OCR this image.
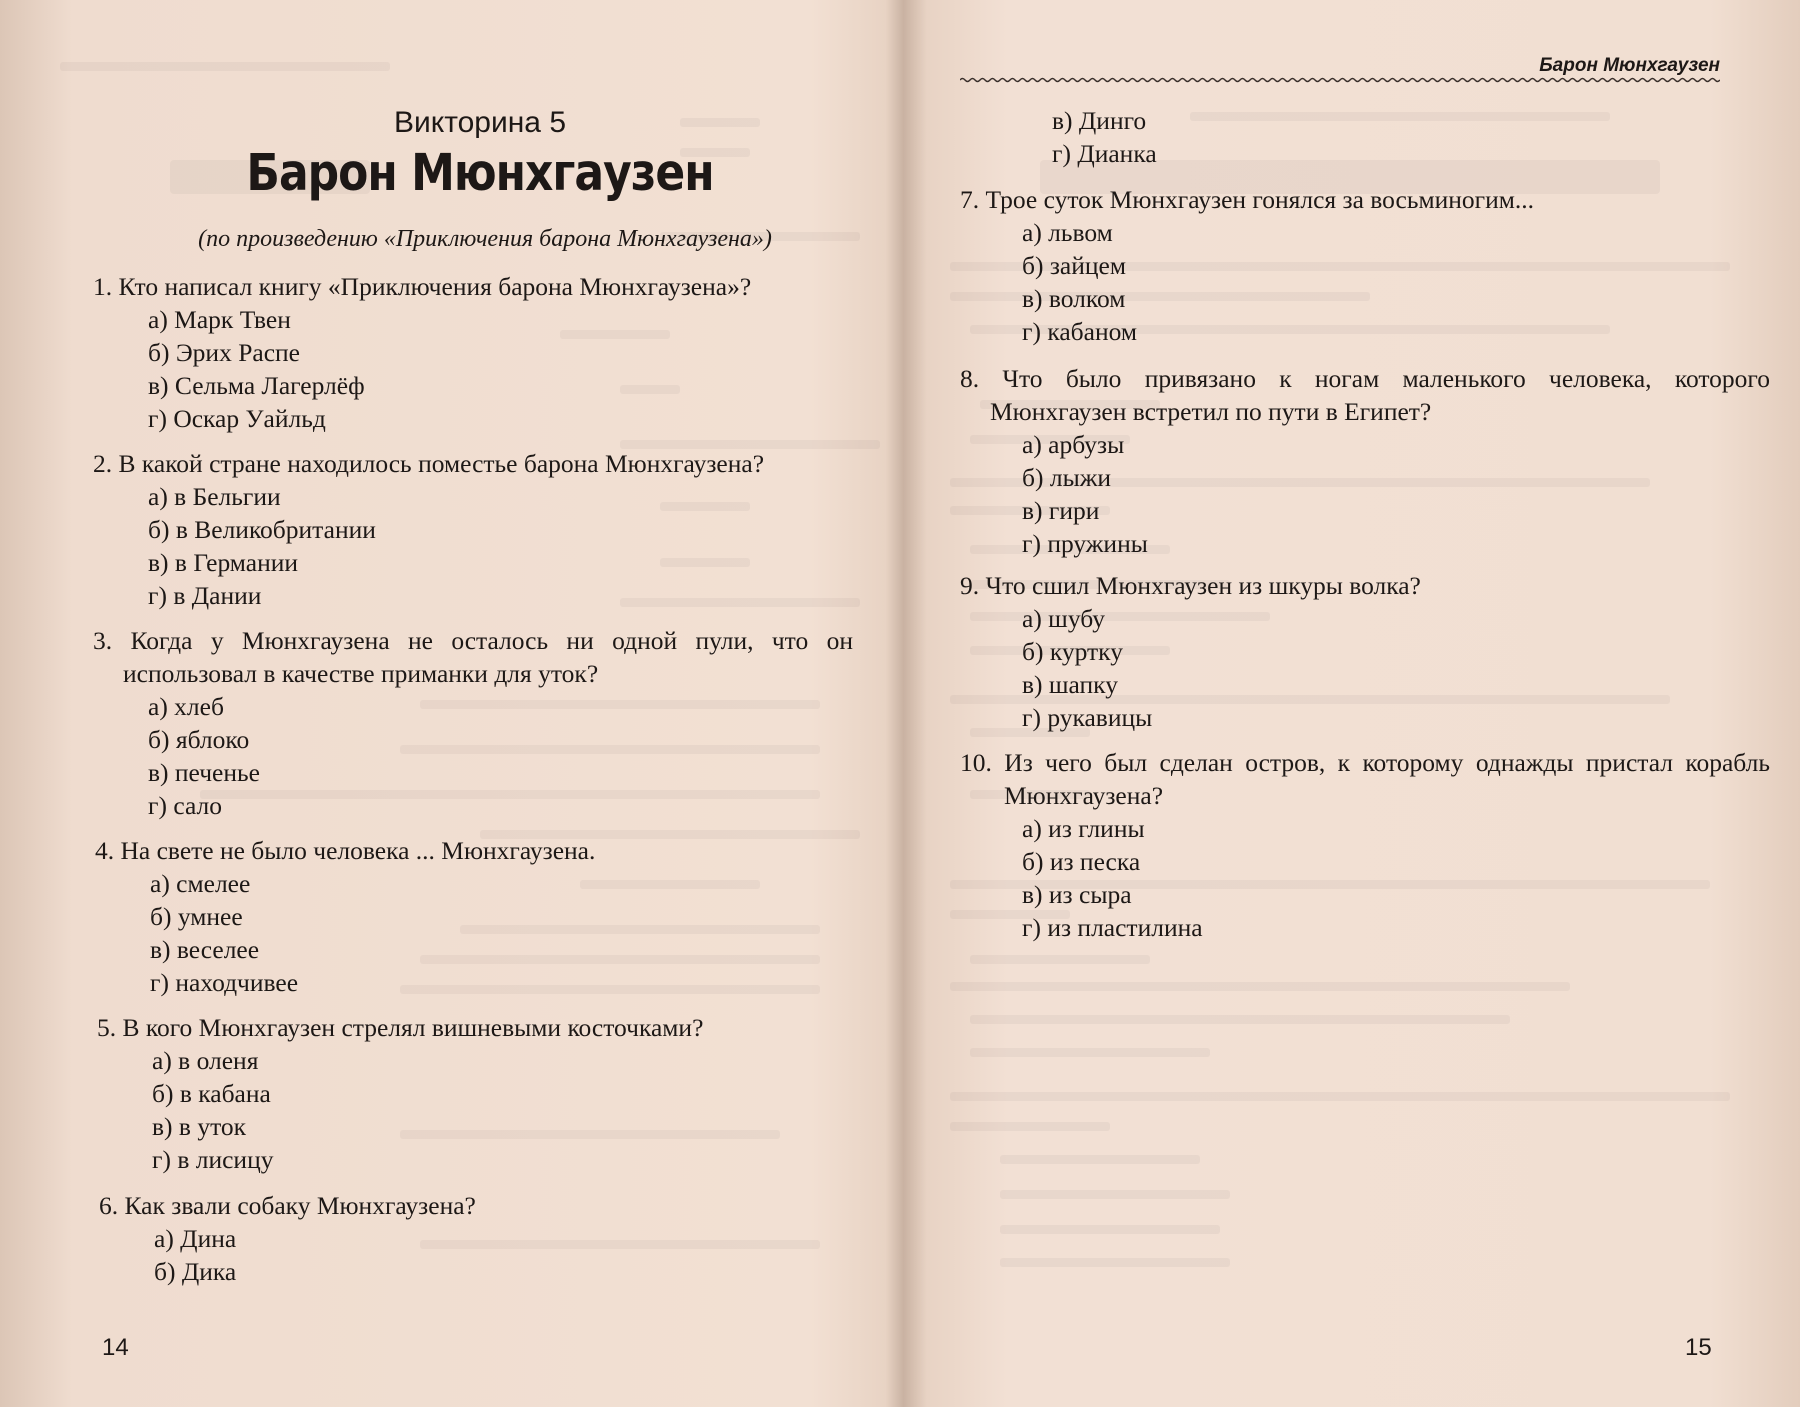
Викторина 5
Барон Мюнхгаузен
(по произведению «Приключения барона Мюнхгаузена»)

1. Кто написал книгу «Приключения барона Мюнхгаузена»?

а) Марк Твен
б) Эрих Распе
в) Сельма Лагерлёф
г) Оскар Уайльд

2. В какой стране находилось поместье барона Мюнхгаузена?

а) в Бельгии
б) в Великобритании
в) в Германии
г) в Дании

3. Когда у Мюнхгаузена не осталось ни одной пули, что он использовал в качестве приманки для уток?

а) хлеб
б) яблоко
в) печенье
г) сало

4. На свете не было человека ... Мюнхгаузена.

а) смелее
б) умнее
в) веселее
г) находчивее

5. В кого Мюнхгаузен стрелял вишневыми косточками?

а) в оленя
б) в кабана
в) в уток
г) в лисицу

6. Как звали собаку Мюнхгаузена?

а) Дина
б) Дика
14
Барон Мюнхгаузен
в) Динго
г) Дианка

7. Трое суток Мюнхгаузен гонялся за восьминогим...

а) львом
б) зайцем
в) волком
г) кабаном

8. Что было привязано к ногам маленького человека, которого Мюнхгаузен встретил по пути в Египет?

а) арбузы
б) лыжи
в) гири
г) пружины

9. Что сшил Мюнхгаузен из шкуры волка?

а) шубу
б) куртку
в) шапку
г) рукавицы

10. Из чего был сделан остров, к которому однажды пристал корабль Мюнхгаузена?

а) из глины
б) из песка
в) из сыра
г) из пластилина
15
